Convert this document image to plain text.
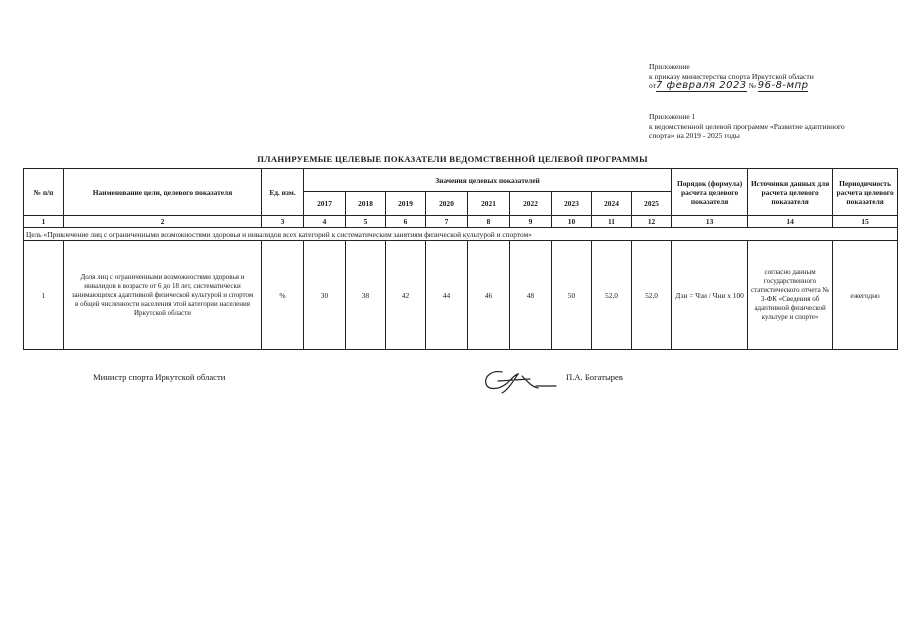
Приложение
к приказу министерства спорта Иркутской области
от7 февраля 2023 № 96-8-мпр
Приложение 1
к ведомственной целевой программе «Развитие адаптивного
спорта» на 2019 - 2025 годы
ПЛАНИРУЕМЫЕ ЦЕЛЕВЫЕ ПОКАЗАТЕЛИ ВЕДОМСТВЕННОЙ ЦЕЛЕВОЙ ПРОГРАММЫ
№ п/п	Наименование цели, целевого показателя	Ед. изм.	Значения целевых показателей									Порядок (формула) расчета целевого показателя	Источники данных для расчета целевого показателя	Периодичность расчета целевого показателя
			2017	2018	2019	2020	2021	2022	2023	2024	2025			
1	2	3	4	5	6	7	8	9	10	11	12	13	14	15
Цель «Привлечение лиц с ограниченными возможностями здоровья и инвалидов всех категорий к систематическим занятиям физической культурой и спортом»														
1	Доля лиц с ограниченными возможностями здоровья и инвалидов в возрасте от 6 до 18 лет, систематически занимающихся адаптивной физической культурой и спортом в общей численности населения этой категории населения Иркутской области	%	30	38	42	44	46	48	50	52,0	52,0	Дзи = Чзи / Чни х 100	согласно данным государственного статистического отчета № 3-ФК «Сведения об адаптивной физической культуре и спорте»	ежегодно
Министр спорта Иркутской области	П.А. Богатырев
